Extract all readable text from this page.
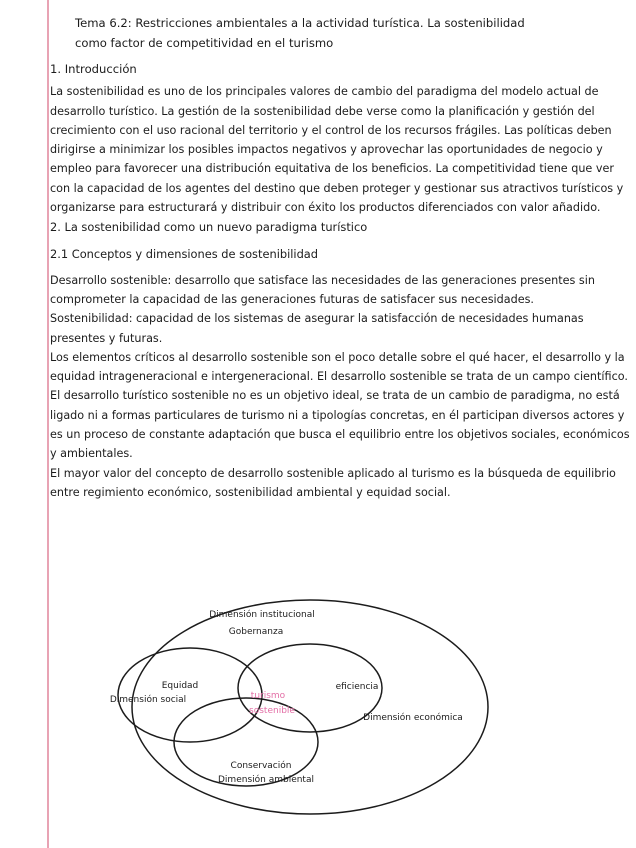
Tema 6.2: Restricciones ambientales a la actividad turística. La sostenibilidad
como factor de competitividad en el turismo
1. Introducción

La sostenibilidad es uno de los principales valores de cambio del paradigma del modelo actual de desarrollo turístico. La gestión de la sostenibilidad debe verse como la planificación y gestión del crecimiento con el uso racional del territorio y el control de los recursos frágiles. Las políticas deben dirigirse a minimizar los posibles impactos negativos y aprovechar las oportunidades de negocio y empleo para favorecer una distribución equitativa de los beneficios. La competitividad tiene que ver con la capacidad de los agentes del destino que deben proteger y gestionar sus atractivos turísticos y organizarse para estructurará y distribuir con éxito los productos diferenciados con valor añadido.

2. La sostenibilidad como un nuevo paradigma turístico
2.1 Conceptos y dimensiones de sostenibilidad

Desarrollo sostenible: desarrollo que satisface las necesidades de las generaciones presentes sin comprometer la capacidad de las generaciones futuras de satisfacer sus necesidades.

Sostenibilidad: capacidad de los sistemas de asegurar la satisfacción de necesidades humanas presentes y futuras.

Los elementos críticos al desarrollo sostenible son el poco detalle sobre el qué hacer, el desarrollo y la equidad intrageneracional e intergeneracional. El desarrollo sostenible se trata de un campo científico.

El desarrollo turístico sostenible no es un objetivo ideal, se trata de un cambio de paradigma, no está ligado ni a formas particulares de turismo ni a tipologías concretas, en él participan diversos actores y es un proceso de constante adaptación que busca el equilibrio entre los objetivos sociales, económicos y ambientales.

El mayor valor del concepto de desarrollo sostenible aplicado al turismo es la búsqueda de equilibrio entre regimiento económico, sostenibilidad ambiental y equidad social.

Dimensión institucional
Gobernanza
Equidad
Dimensión social
eficiencia
Dimensión económica
Conservación
Dimensión ambiental
turismo
sostenible
